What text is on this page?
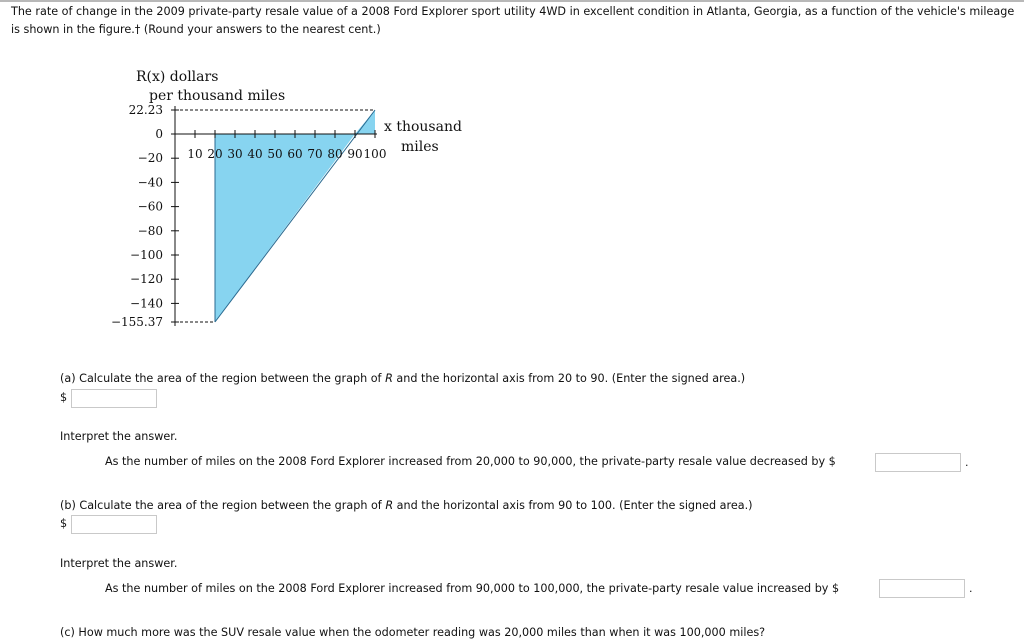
The rate of change in the 2009 private-party resale value of a 2008 Ford Explorer sport utility 4WD in excellent condition in Atlanta, Georgia, as a function of the vehicle's mileage is shown in the figure.† (Round your answers to the nearest cent.)
10 20 30 40 50 60 70 80 90 100
22.23
0
−20
−40
−60
−80
−100
−120
−140
−155.37
R(x) dollars
per thousand miles
x thousand
miles
(a) Calculate the area of the region between the graph of R and the horizontal axis from 20 to 90. (Enter the signed area.)
$
Interpret the answer.
As the number of miles on the 2008 Ford Explorer increased from 20,000 to 90,000, the private-party resale value decreased by $	.
(b) Calculate the area of the region between the graph of R and the horizontal axis from 90 to 100. (Enter the signed area.)
$
Interpret the answer.
As the number of miles on the 2008 Ford Explorer increased from 90,000 to 100,000, the private-party resale value increased by $	.
(c) How much more was the SUV resale value when the odometer reading was 20,000 miles than when it was 100,000 miles?
